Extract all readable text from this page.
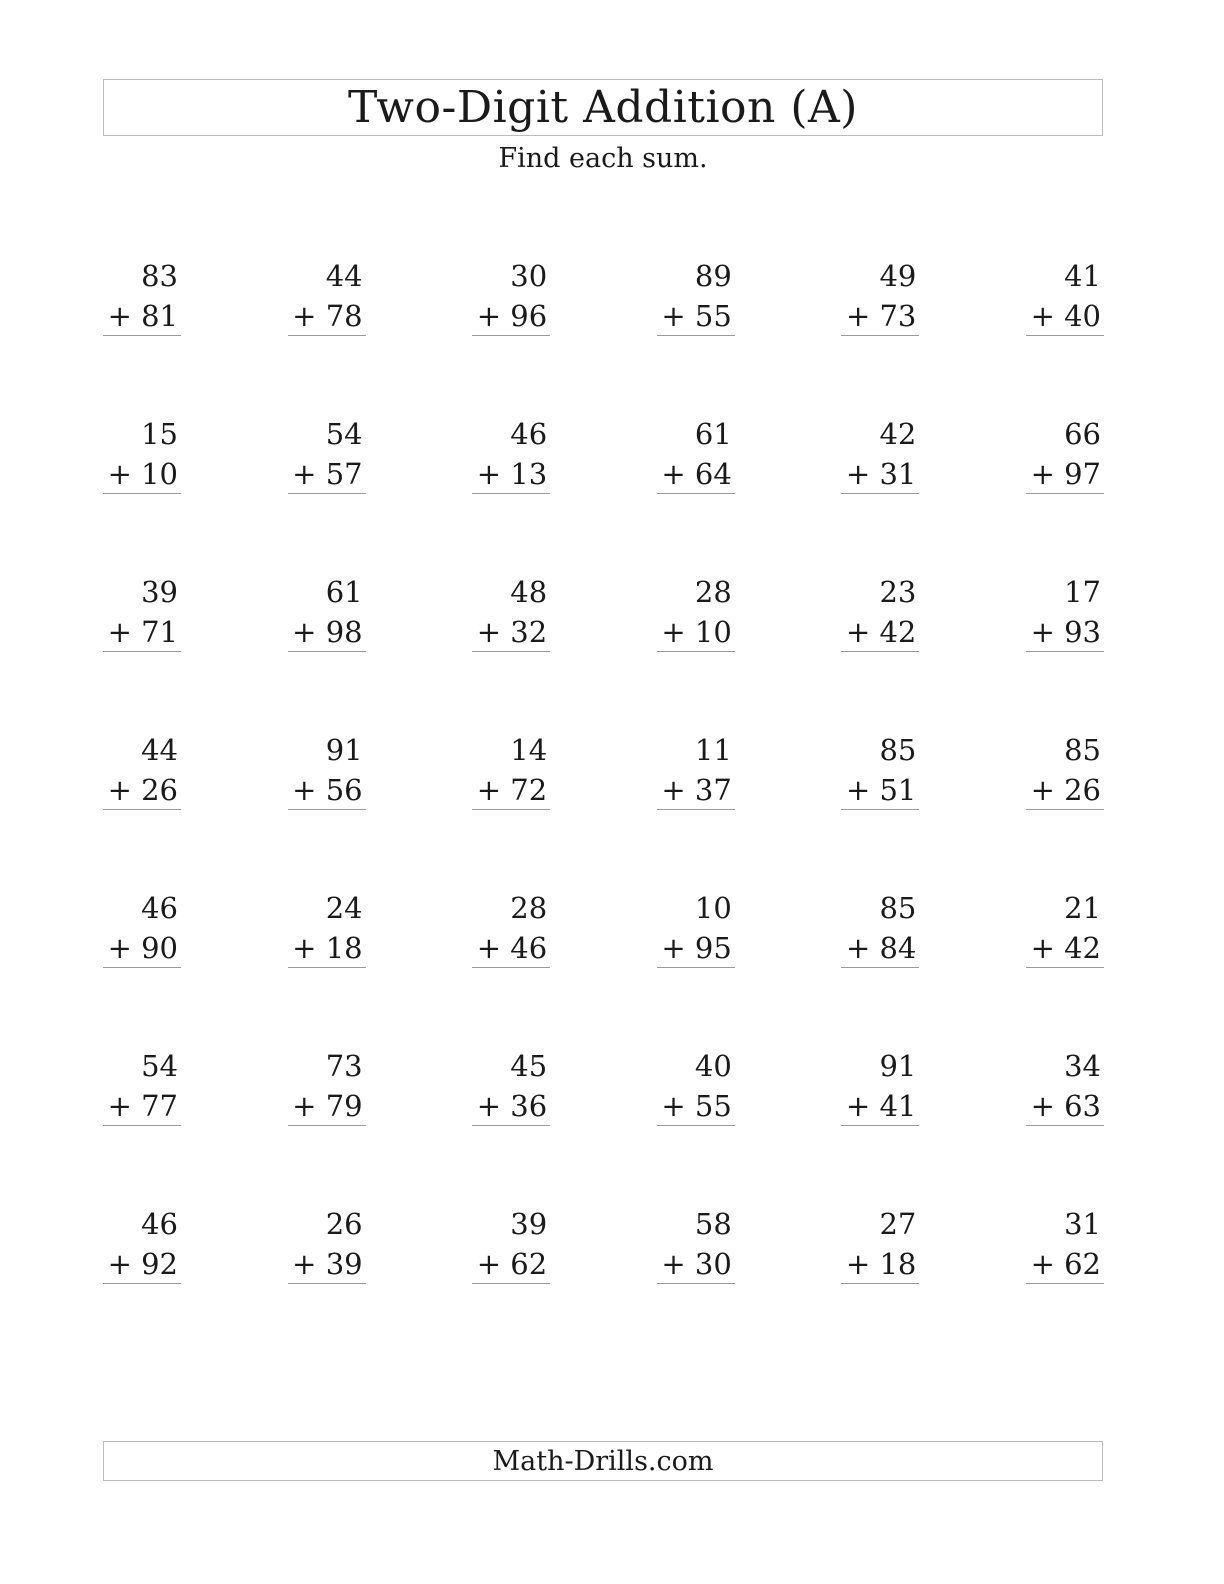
Two-Digit Addition (A)

Find each sum.

83
+ 81
44
+ 78
30
+ 96
89
+ 55
49
+ 73
41
+ 40
15
+ 10
54
+ 57
46
+ 13
61
+ 64
42
+ 31
66
+ 97
39
+ 71
61
+ 98
48
+ 32
28
+ 10
23
+ 42
17
+ 93
44
+ 26
91
+ 56
14
+ 72
11
+ 37
85
+ 51
85
+ 26
46
+ 90
24
+ 18
28
+ 46
10
+ 95
85
+ 84
21
+ 42
54
+ 77
73
+ 79
45
+ 36
40
+ 55
91
+ 41
34
+ 63
46
+ 92
26
+ 39
39
+ 62
58
+ 30
27
+ 18
31
+ 62
Math-Drills.com
